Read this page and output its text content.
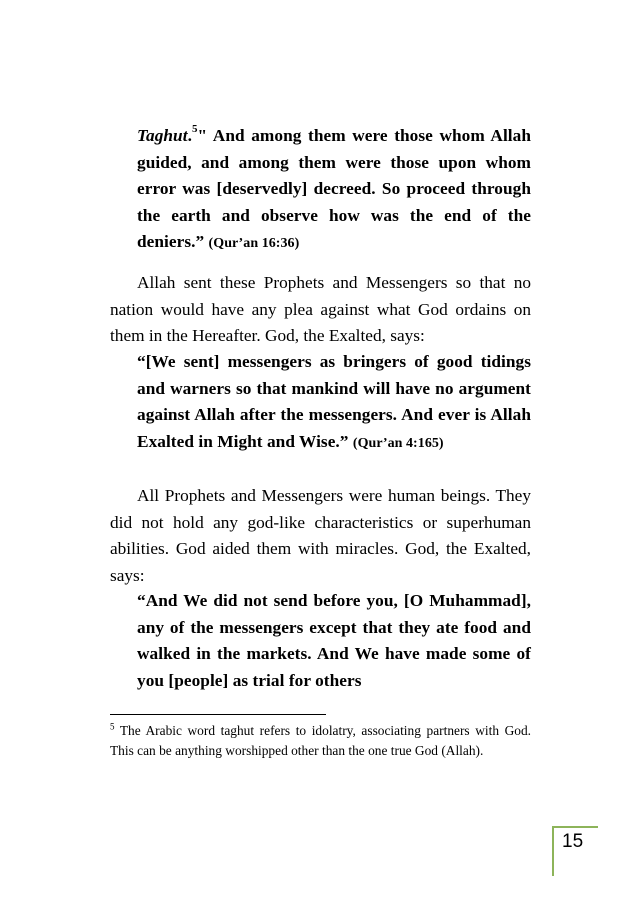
Taghut.$^5$" And among them were those whom Allah guided, and among them were those upon whom error was [deservedly] decreed. So proceed through the earth and observe how was the end of the deniers.” (Qur’an 16:36)
Allah sent these Prophets and Messengers so that no nation would have any plea against what God ordains on them in the Hereafter. God, the Exalted, says:
“[We sent] messengers as bringers of good tidings and warners so that mankind will have no argument against Allah after the messengers. And ever is Allah Exalted in Might and Wise.” (Qur’an 4:165)
All Prophets and Messengers were human beings. They did not hold any god-like characteristics or superhuman abilities. God aided them with miracles. God, the Exalted, says:
“And We did not send before you, [O Muhammad], any of the messengers except that they ate food and walked in the markets. And We have made some of you [people] as trial for others
$^5$ The Arabic word taghut refers to idolatry, associating partners with God. This can be anything worshipped other than the one true God (Allah).
15
